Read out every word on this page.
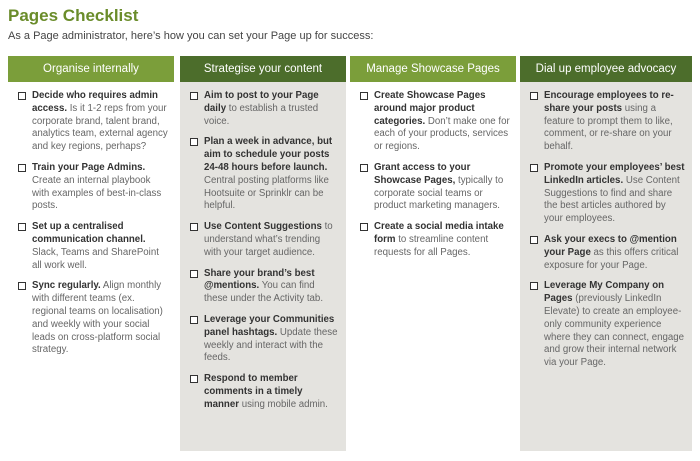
Pages Checklist
As a Page administrator, here’s how you can set your Page up for success:
Organise internally
Decide who requires admin access. Is it 1-2 reps from your corporate brand, talent brand, analytics team, external agency and key regions, perhaps?
Train your Page Admins. Create an internal playbook with examples of best-in-class posts.
Set up a centralised communication channel. Slack, Teams and SharePoint all work well.
Sync regularly. Align monthly with different teams (ex. regional teams on localisation) and weekly with your social leads on cross-platform social strategy.
Strategise your content
Aim to post to your Page daily to establish a trusted voice.
Plan a week in advance, but aim to schedule your posts 24-48 hours before launch. Central posting platforms like Hootsuite or Sprinklr can be helpful.
Use Content Suggestions to understand what’s trending with your target audience.
Share your brand’s best @mentions. You can find these under the Activity tab.
Leverage your Communities panel hashtags. Update these weekly and interact with the feeds.
Respond to member comments in a timely manner using mobile admin.
Manage Showcase Pages
Create Showcase Pages around major product categories. Don’t make one for each of your products, services or regions.
Grant access to your Showcase Pages, typically to corporate social teams or product marketing managers.
Create a social media intake form to streamline content requests for all Pages.
Dial up employee advocacy
Encourage employees to re-share your posts using a feature to prompt them to like, comment, or re-share on your behalf.
Promote your employees’ best LinkedIn articles. Use Content Suggestions to find and share the best articles authored by your employees.
Ask your execs to @mention your Page as this offers critical exposure for your Page.
Leverage My Company on Pages (previously LinkedIn Elevate) to create an employee-only community experience where they can connect, engage and grow their internal network via your Page.
